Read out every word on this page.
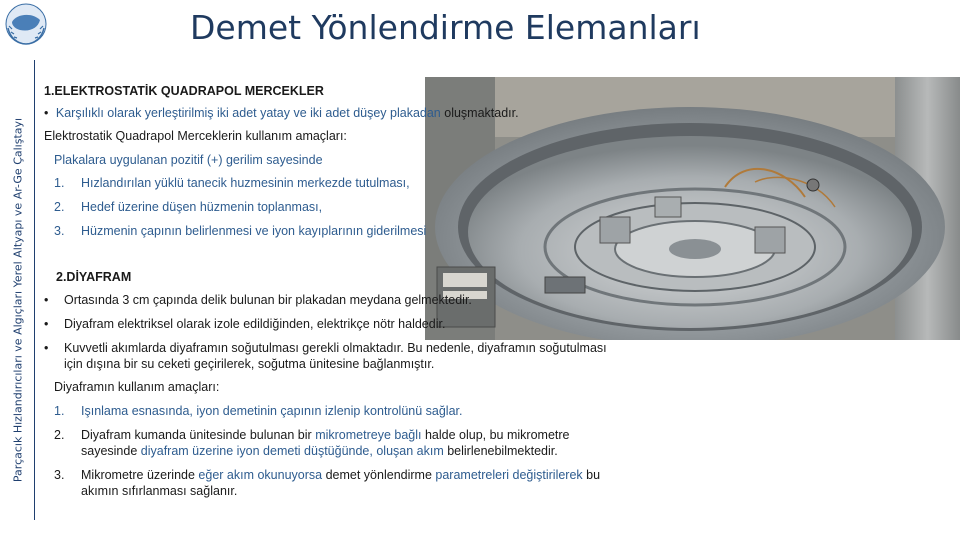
Parçacık Hızlandırıcıları ve Algıçları Yerel Altyapı ve Ar-Ge Çalıştayı
Demet Yönlendirme Elemanları
1.ELEKTROSTATİK QUADRAPOL MERCEKLER
• Karşılıklı olarak yerleştirilmiş iki adet yatay ve iki adet düşey plakadan oluşmaktadır.
Elektrostatik Quadrapol Merceklerin kullanım amaçları:
Plakalara uygulanan pozitif (+) gerilim sayesinde
1. Hızlandırılan yüklü tanecik huzmesinin merkezde tutulması,
2. Hedef üzerine düşen hüzmenin toplanması,
3. Hüzmenin çapının belirlenmesi ve iyon kayıplarının giderilmesi
2.DİYAFRAM
• Ortasında 3 cm çapında delik bulunan bir plakadan meydana gelmektedir.
• Diyafram elektriksel olarak izole edildiğinden, elektrikçe nötr haldedir.
• Kuvvetli akımlarda diyaframın soğutulması gerekli olmaktadır. Bu nedenle, diyaframın soğutulması
için dışına bir su ceketi geçirilerek, soğutma ünitesine bağlanmıştır.
Diyaframın kullanım amaçları:
1. Işınlama esnasında, iyon demetinin çapının izlenip kontrolünü sağlar.
2. Diyafram kumanda ünitesinde bulunan bir mikrometreye bağlı halde olup, bu mikrometre
sayesinde diyafram üzerine iyon demeti düştüğünde, oluşan akım belirlenebilmektedir.
3. Mikrometre üzerinde eğer akım okunuyorsa demet yönlendirme parametreleri değiştirilerek bu
akımın sıfırlanması sağlanır.
